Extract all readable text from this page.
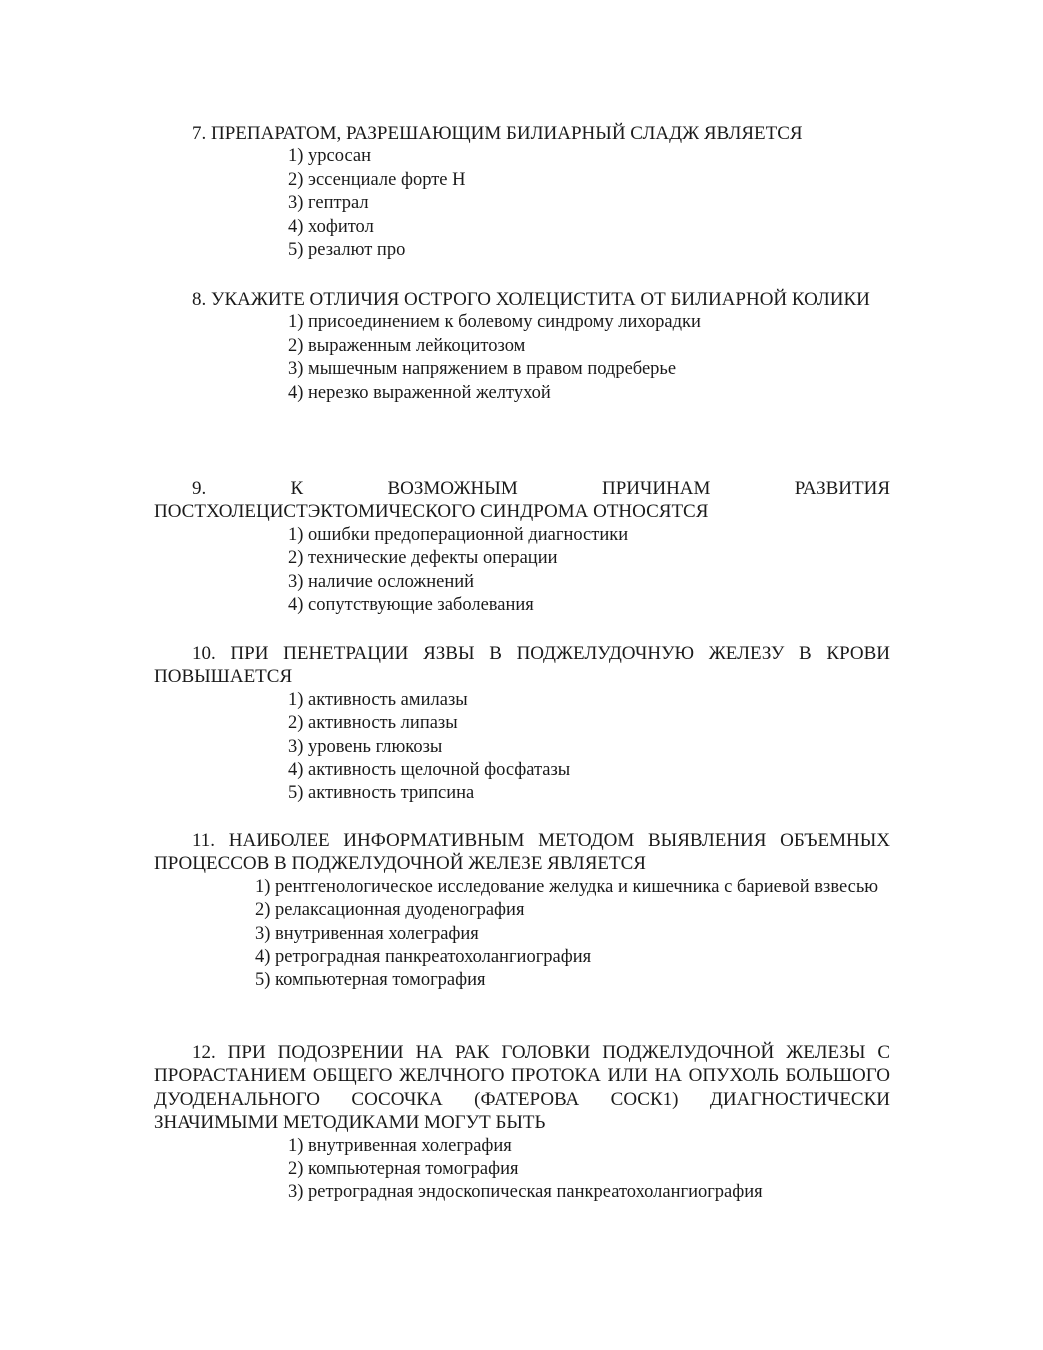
7. ПРЕПАРАТОМ, РАЗРЕШАЮЩИМ БИЛИАРНЫЙ СЛАДЖ ЯВЛЯЕТСЯ

1) урсосан
2) эссенциале форте Н
3) гептрал
4) хофитол
5) резалют про

8. УКАЖИТЕ ОТЛИЧИЯ ОСТРОГО ХОЛЕЦИСТИТА ОТ БИЛИАРНОЙ КОЛИКИ

1) присоединением к болевому синдрому лихорадки
2) выраженным лейкоцитозом
3) мышечным напряжением в правом подреберье
4) нерезко выраженной желтухой

9. К ВОЗМОЖНЫМ ПРИЧИНАМ РАЗВИТИЯ ПОСТХОЛЕЦИСТЭКТОМИЧЕСКОГО СИНДРОМА ОТНОСЯТСЯ

1) ошибки предоперационной диагностики
2) технические дефекты операции
3) наличие осложнений
4) сопутствующие заболевания

10. ПРИ ПЕНЕТРАЦИИ ЯЗВЫ В ПОДЖЕЛУДОЧНУЮ ЖЕЛЕЗУ В КРОВИ ПОВЫШАЕТСЯ

1) активность амилазы
2) активность липазы
3) уровень глюкозы
4) активность щелочной фосфатазы
5) активность трипсина

11. НАИБОЛЕЕ ИНФОРМАТИВНЫМ МЕТОДОМ ВЫЯВЛЕНИЯ ОБЪЕМНЫХ ПРОЦЕССОВ В ПОДЖЕЛУДОЧНОЙ ЖЕЛЕЗЕ ЯВЛЯЕТСЯ

1) рентгенологическое исследование желудка и кишечника с бариевой взвесью
2) релаксационная дуоденография
3) внутривенная холеграфия
4) ретроградная панкреатохолангиография
5) компьютерная томография

12. ПРИ ПОДОЗРЕНИИ НА РАК ГОЛОВКИ ПОДЖЕЛУДОЧНОЙ ЖЕЛЕЗЫ С ПРОРАСТАНИЕМ ОБЩЕГО ЖЕЛЧНОГО ПРОТОКА ИЛИ НА ОПУХОЛЬ БОЛЬШОГО ДУОДЕНАЛЬНОГО СОСОЧКА (ФАТЕРОВА СОСК1) ДИАГНОСТИЧЕСКИ ЗНАЧИМЫМИ МЕТОДИКАМИ МОГУТ БЫТЬ

1) внутривенная холеграфия
2) компьютерная томография
3) ретроградная эндоскопическая панкреатохолангиография
